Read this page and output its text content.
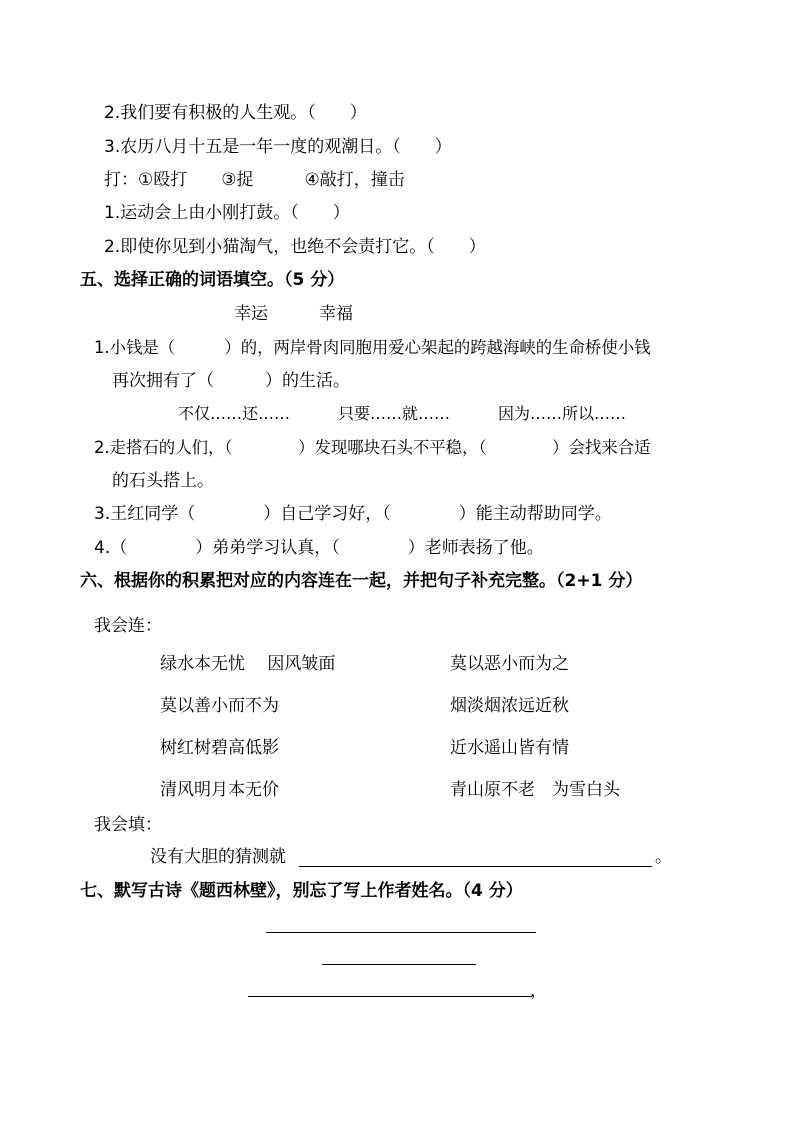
2.我们要有积极的人生观。（　　）
3.农历八月十五是一年一度的观潮日。（　　）
打：①殴打　　③捉　　　④敲打，撞击
1.运动会上由小刚打鼓。（　　）
2.即使你见到小猫淘气，也绝不会责打它。（　　）
五、选择正确的词语填空。（5 分）
幸运　　　幸福
1.小钱是（　　　）的，两岸骨肉同胞用爱心架起的跨越海峡的生命桥使小钱
再次拥有了（　　　）的生活。
不仅……还……　　　只要……就……　　　因为……所以……
2.走搭石的人们，（　　　　）发现哪块石头不平稳，（　　　　）会找来合适
的石头搭上。
3.王红同学（　　　　）自己学习好，（　　　　）能主动帮助同学。
4.（　　　　）弟弟学习认真，（　　　　）老师表扬了他。
六、根据你的积累把对应的内容连在一起，并把句子补充完整。（2+1 分）
我会连：
绿水本无忧　 因风皱面	莫以恶小而为之
莫以善小而不为	烟淡烟浓远近秋
树红树碧高低影	近水遥山皆有情
清风明月本无价	青山原不老　为雪白头
我会填：
没有大胆的猜测就	。
七、默写古诗《题西林壁》，别忘了写上作者姓名。（4 分）
，
